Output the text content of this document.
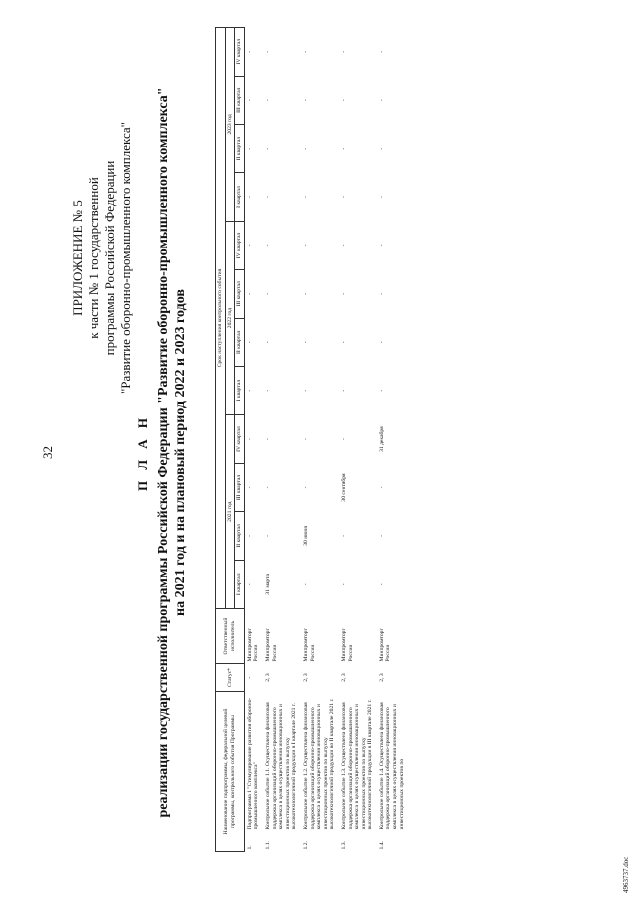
32
ПРИЛОЖЕНИЕ № 5 к части № 1 государственной программы Российской Федерации "Развитие оборонно-промышленного комплекса"
П Л А Н реализации государственной программы Российской Федерации "Развитие оборонно-промышленного комплекса" на 2021 год и на плановый период 2022 и 2023 годов
Наименование подпрограммы, федеральной целевой программы, контрольного события Программы		Статус*	Ответственный исполнитель	Срок наступления контрольного события											
				2021 год				2022 год				2023 год			
				I квартал	II квартал	III квартал	IV квартал	I квартал	II квартал	III квартал	IV квартал	I квартал	II квартал	III квартал	IV квартал
1.	Подпрограмма 1 "Стимулирование развития оборонно-промышленного комплекса"	-	Минпромторг России	-	-	-	-	-	-	-	-	-	-	-	-
1.1.	Контрольное событие 1.1. Осуществлена финансовая поддержка организаций оборонно-промышленного комплекса в целях осуществления инновационных и инвестиционных проектов по выпуску высокотехнологичной продукции в I квартале 2021 г.	2, 3	Минпромторг России	31 марта	-	-	-	-	-	-	-	-	-	-	-
1.2.	Контрольное событие 1.2. Осуществлена финансовая поддержка организаций оборонно-промышленного комплекса в целях осуществления инновационных и инвестиционных проектов по выпуску высокотехнологичной продукции во II квартале 2021 г.	2, 3	Минпромторг России	-	30 июня	-	-	-	-	-	-	-	-	-	-
1.3.	Контрольное событие 1.3. Осуществлена финансовая поддержка организаций оборонно-промышленного комплекса в целях осуществления инновационных и инвестиционных проектов по выпуску высокотехнологичной продукции в III квартале 2021 г.	2, 3	Минпромторг России	-	-	30 сентября	-	-	-	-	-	-	-	-	-
1.4.	Контрольное событие 1.4. Осуществлена финансовая поддержка организаций оборонно-промышленного комплекса в целях осуществления инновационных и инвестиционных проектов по	2, 3	Минпромторг России	-	-	-	31 декабря	-	-	-	-	-	-	-	-
4963737.doc
